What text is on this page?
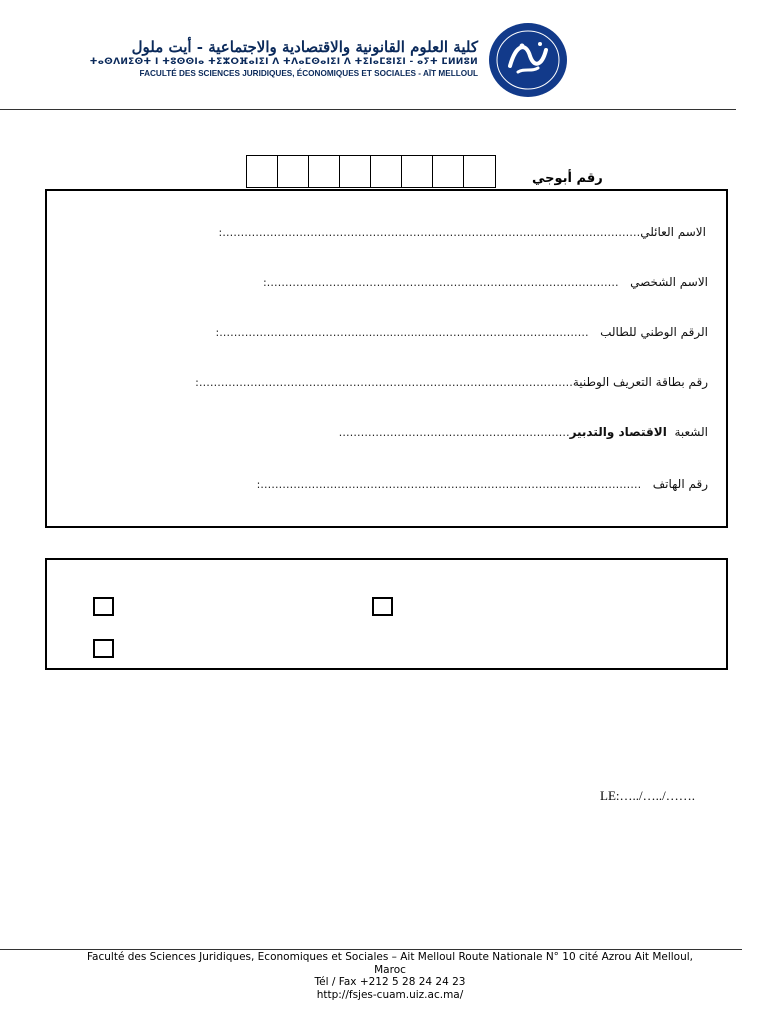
كلية العلوم القانونية والاقتصادية والاجتماعية - أيت ملول
ⵜⴰⵙⴷⵍⵉⵙⵜ ⵏ ⵜⵓⵙⵙⵏⴰ ⵜⵉⵣⵔⴼⴰⵏⵉⵏ ⴷ ⵜⴷⴰⵎⵙⴰⵏⵉⵏ ⴷ ⵜⵉⵏⴰⵎⵓⵏⵉⵏ - ⴰⵢⵜ ⵎⵍⵍⵓⵍ
FACULTÉ DES SCIENCES JURIDIQUES, ÉCONOMIQUES ET SOCIALES - AÏT MELLOUL
رقم أبوجي
الاسم العائلي
……………………………………………………………………………………………………:
الاسم الشخصي

……………………………………………………………………………………:
الرقم الوطني للطالب

…………………………………..........................……………………………….:
رقم بطاقة التعريف الوطنية
…………………………………………………………………………………………:
الشعبة

الاقتصاد والتدبير
………………………………………………………
رقم الهاتف

……………………………………..……………………………………………………:
LE:…../…../…….
Faculté des Sciences Juridiques, Economiques et Sociales – Ait Melloul Route Nationale N° 10 cité Azrou Ait Melloul,
Maroc
Tél / Fax +212 5 28 24 24 23
http://fsjes-cuam.uiz.ac.ma/
